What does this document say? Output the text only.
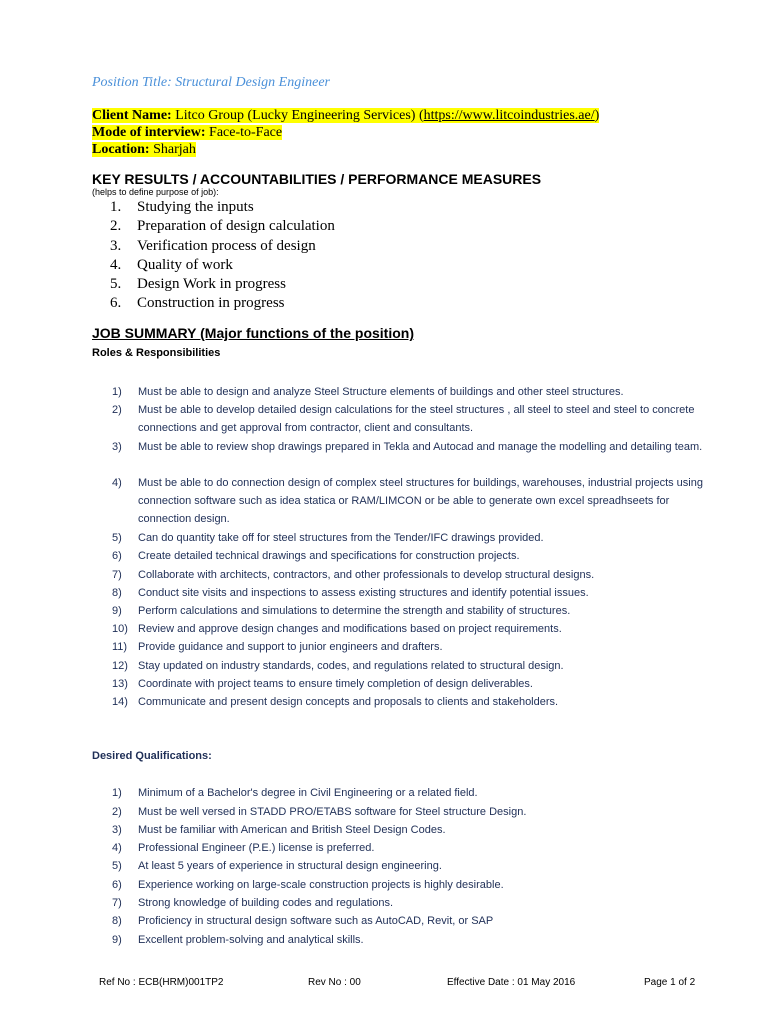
Position Title: Structural Design Engineer
Client Name: Litco Group (Lucky Engineering Services) (https://www.litcoindustries.ae/)
Mode of interview: Face-to-Face
Location: Sharjah
KEY RESULTS / ACCOUNTABILITIES / PERFORMANCE MEASURES
(helps to define purpose of job):
1.	Studying the inputs
2.	Preparation of design calculation
3.	Verification process of design
4.	Quality of work
5.	Design Work in progress
6.	Construction in progress
JOB SUMMARY (Major functions of the position)
Roles & Responsibilities
1)	Must be able to design and analyze Steel Structure elements of buildings and other steel structures.
2)	Must be able to develop detailed design calculations for the steel structures , all steel to steel and steel to concrete connections and get approval from contractor, client and consultants.
3)	Must be able to review shop drawings prepared in Tekla and Autocad and manage the modelling and detailing team.
4)	Must be able to do connection design of complex steel structures for buildings, warehouses, industrial projects using connection software such as idea statica or RAM/LIMCON or be able to generate own excel spreadhseets for connection design.
5)	Can do quantity take off for steel structures from the Tender/IFC drawings provided.
6)	Create detailed technical drawings and specifications for construction projects.
7)	Collaborate with architects, contractors, and other professionals to develop structural designs.
8)	Conduct site visits and inspections to assess existing structures and identify potential issues.
9)	Perform calculations and simulations to determine the strength and stability of structures.
10) Review and approve design changes and modifications based on project requirements.
11) Provide guidance and support to junior engineers and drafters.
12) Stay updated on industry standards, codes, and regulations related to structural design.
13) Coordinate with project teams to ensure timely completion of design deliverables.
14) Communicate and present design concepts and proposals to clients and stakeholders.
Desired Qualifications:
1)	Minimum of a Bachelor's degree in Civil Engineering or a related field.
2)	Must be well versed in STADD PRO/ETABS software for Steel structure Design.
3)	Must be familiar with American and British Steel Design Codes.
4)	Professional Engineer (P.E.) license is preferred.
5)	At least 5 years of experience in structural design engineering.
6)	Experience working on large-scale construction projects is highly desirable.
7)	Strong knowledge of building codes and regulations.
8)	Proficiency in structural design software such as AutoCAD, Revit, or SAP
9)	Excellent problem-solving and analytical skills.
Ref No : ECB(HRM)001TP2	Rev No : 00	Effective Date : 01 May 2016	Page 1 of 2
